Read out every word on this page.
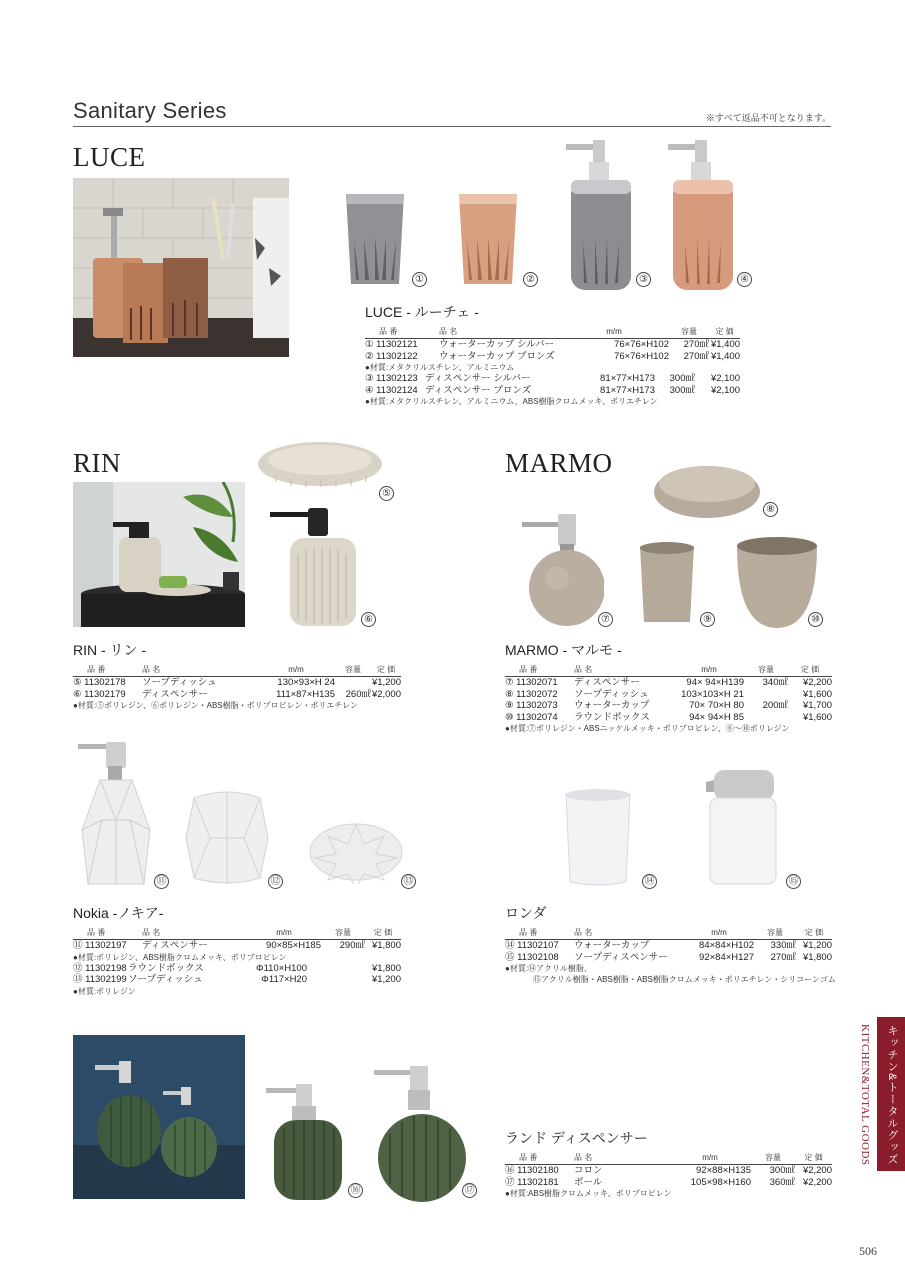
Sanitary Series	※すべて返品不可となります。
LUCE
①	②	③	④
LUCE - ルーチェ -
品 番	品 名	m/m	容量	定 価
① 11302121	ウォーターカップ シルバー	76×76×H102	270㎖	¥1,400
② 11302122	ウォーターカップ ブロンズ	76×76×H102	270㎖	¥1,400
●材質:メタクリルスチレン、アルミニウム
③ 11302123	ディスペンサー シルバー	81×77×H173	300㎖	¥2,100
④ 11302124	ディスペンサー ブロンズ	81×77×H173	300㎖	¥2,100
●材質:メタクリルスチレン、アルミニウム、ABS樹脂クロムメッキ、ポリエチレン
RIN
⑤
⑥
RIN - リン -
品 番	品 名	m/m	容量	定 価
⑤ 11302178	ソープディッシュ	130×93×H 24		¥1,200
⑥ 11302179	ディスペンサー	111×87×H135	260㎖	¥2,000
●材質:⑤ポリレジン、⑥ポリレジン・ABS樹脂・ポリプロピレン・ポリエチレン
MARMO
⑧
⑦	⑨	⑩
MARMO - マルモ -
品 番	品 名	m/m	容量	定 価
⑦ 11302071	ディスペンサー	94× 94×H139	340㎖	¥2,200
⑧ 11302072	ソープディッシュ	103×103×H 21		¥1,600
⑨ 11302073	ウォーターカップ	70× 70×H 80	200㎖	¥1,700
⑩ 11302074	ラウンドボックス	94× 94×H 85		¥1,600
●材質:⑦ポリレジン・ABSニッケルメッキ・ポリプロピレン、⑧〜⑩ポリレジン
⑪	⑫	⑬
Nokia -ノキア-
品 番	品 名	m/m	容量	定 価
⑪ 11302197	ディスペンサー	90×85×H185	290㎖	¥1,800
●材質:ポリレジン、ABS樹脂クロムメッキ、ポリプロピレン
⑫ 11302198	ラウンドボックス	Φ110×H100		¥1,800
⑬ 11302199	ソープディッシュ	Φ117×H20		¥1,200
●材質:ポリレジン
⑭	⑮
ロンダ
品 番	品 名	m/m	容量	定 価
⑭ 11302107	ウォーターカップ	84×84×H102	330㎖	¥1,200
⑮ 11302108	ソープディスペンサー	92×84×H127	270㎖	¥1,800
●材質:⑭アクリル樹脂、
⑮アクリル樹脂・ABS樹脂・ABS樹脂クロムメッキ・ポリエチレン・シリコーンゴム
⑯	⑰
ランド ディスペンサー
品 番	品 名	m/m	容量	定 価
⑯ 11302180	コロン	92×88×H135	300㎖	¥2,200
⑰ 11302181	ボール	105×98×H160	360㎖	¥2,200
●材質:ABS樹脂クロムメッキ、ポリプロピレン
キッチン&トータルグッズ
KITCHEN&TOTAL GOODS
506
